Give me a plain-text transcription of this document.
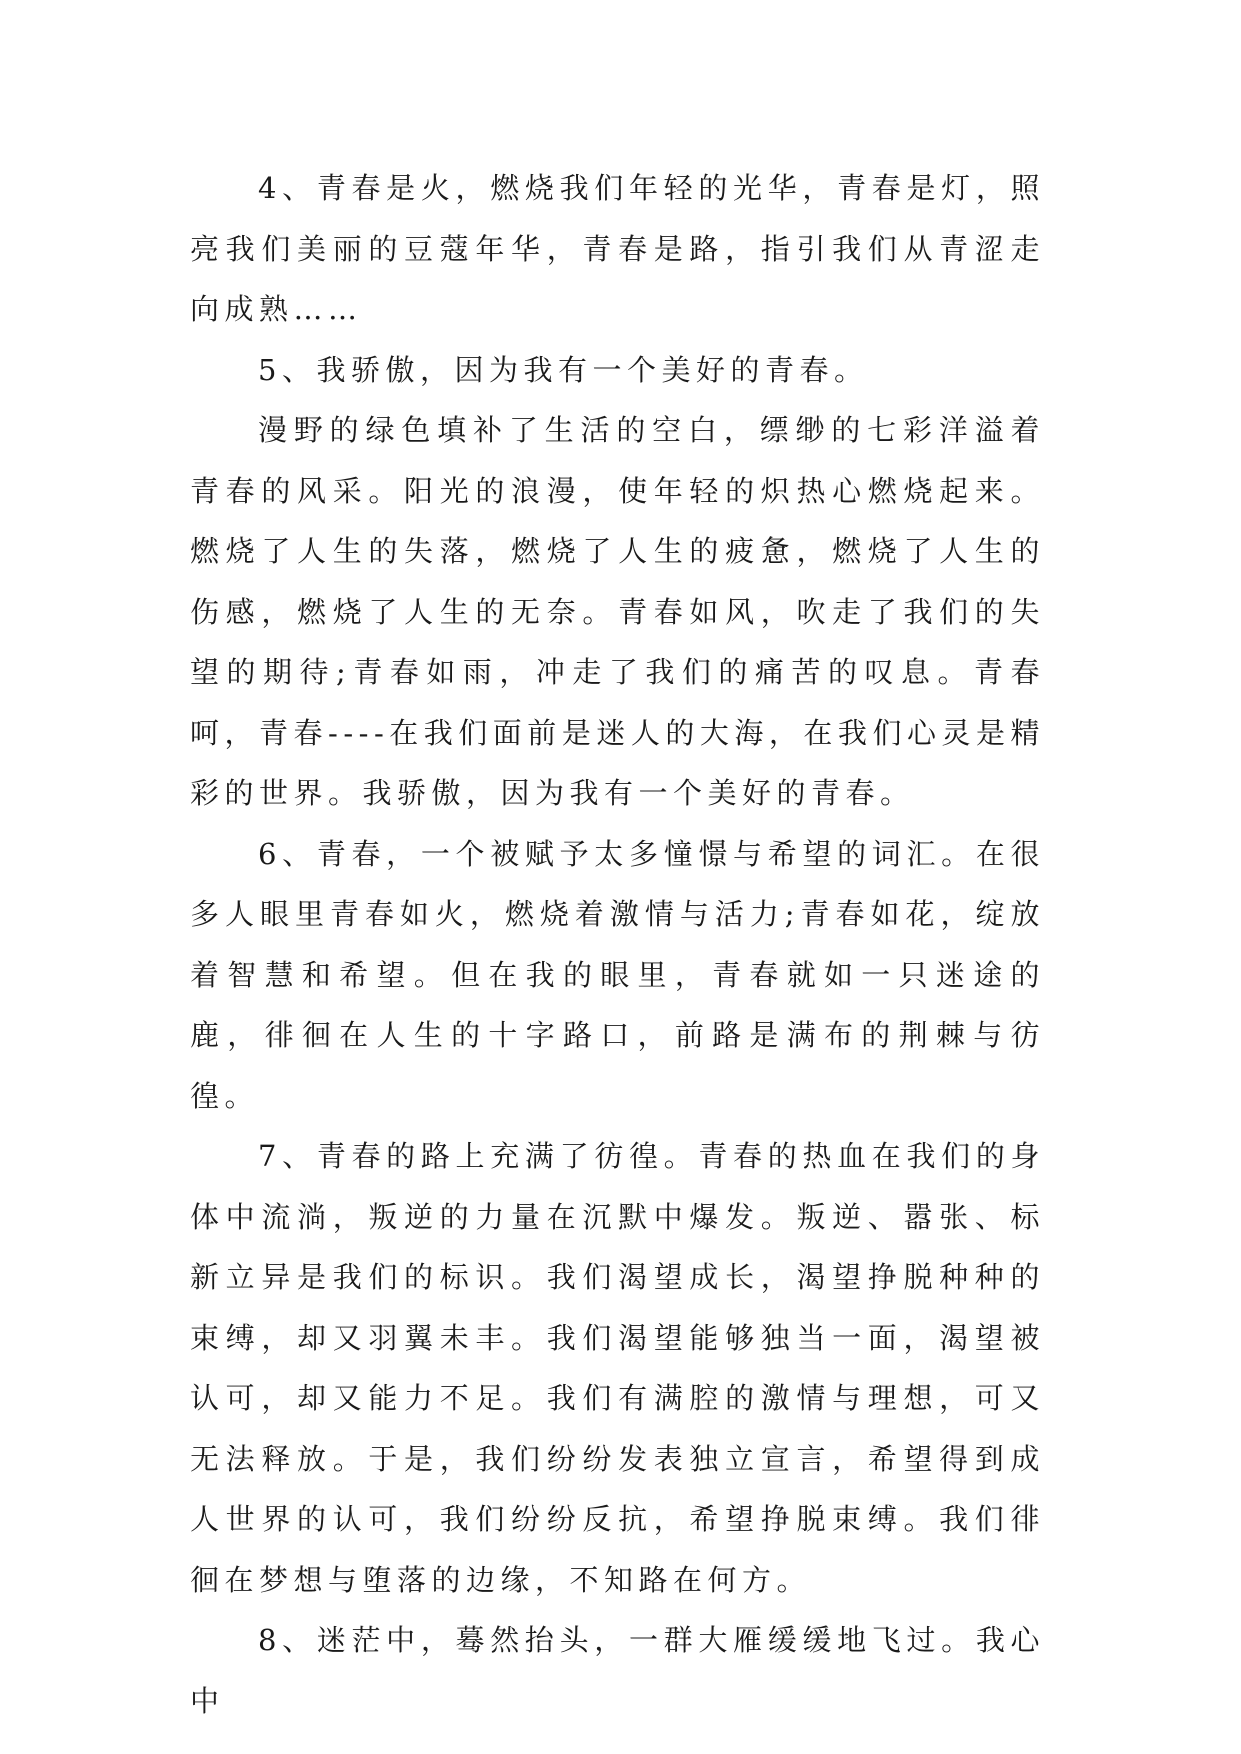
4、青春是火，燃烧我们年轻的光华，青春是灯，照亮我们美丽的豆蔻年华，青春是路，指引我们从青涩走向成熟……

5、我骄傲，因为我有一个美好的青春。

漫野的绿色填补了生活的空白，缥缈的七彩洋溢着青春的风采。阳光的浪漫，使年轻的炽热心燃烧起来。燃烧了人生的失落，燃烧了人生的疲惫，燃烧了人生的伤感，燃烧了人生的无奈。青春如风，吹走了我们的失望的期待;青春如雨，冲走了我们的痛苦的叹息。青春呵，青春----在我们面前是迷人的大海，在我们心灵是精彩的世界。我骄傲，因为我有一个美好的青春。

6、青春，一个被赋予太多憧憬与希望的词汇。在很多人眼里青春如火，燃烧着激情与活力;青春如花，绽放着智慧和希望。但在我的眼里，青春就如一只迷途的鹿，徘徊在人生的十字路口，前路是满布的荆棘与彷徨。

7、青春的路上充满了彷徨。青春的热血在我们的身体中流淌，叛逆的力量在沉默中爆发。叛逆、嚣张、标新立异是我们的标识。我们渴望成长，渴望挣脱种种的束缚，却又羽翼未丰。我们渴望能够独当一面，渴望被认可，却又能力不足。我们有满腔的激情与理想，可又无法释放。于是，我们纷纷发表独立宣言，希望得到成人世界的认可，我们纷纷反抗，希望挣脱束缚。我们徘徊在梦想与堕落的边缘，不知路在何方。

8、迷茫中，蓦然抬头，一群大雁缓缓地飞过。我心中
